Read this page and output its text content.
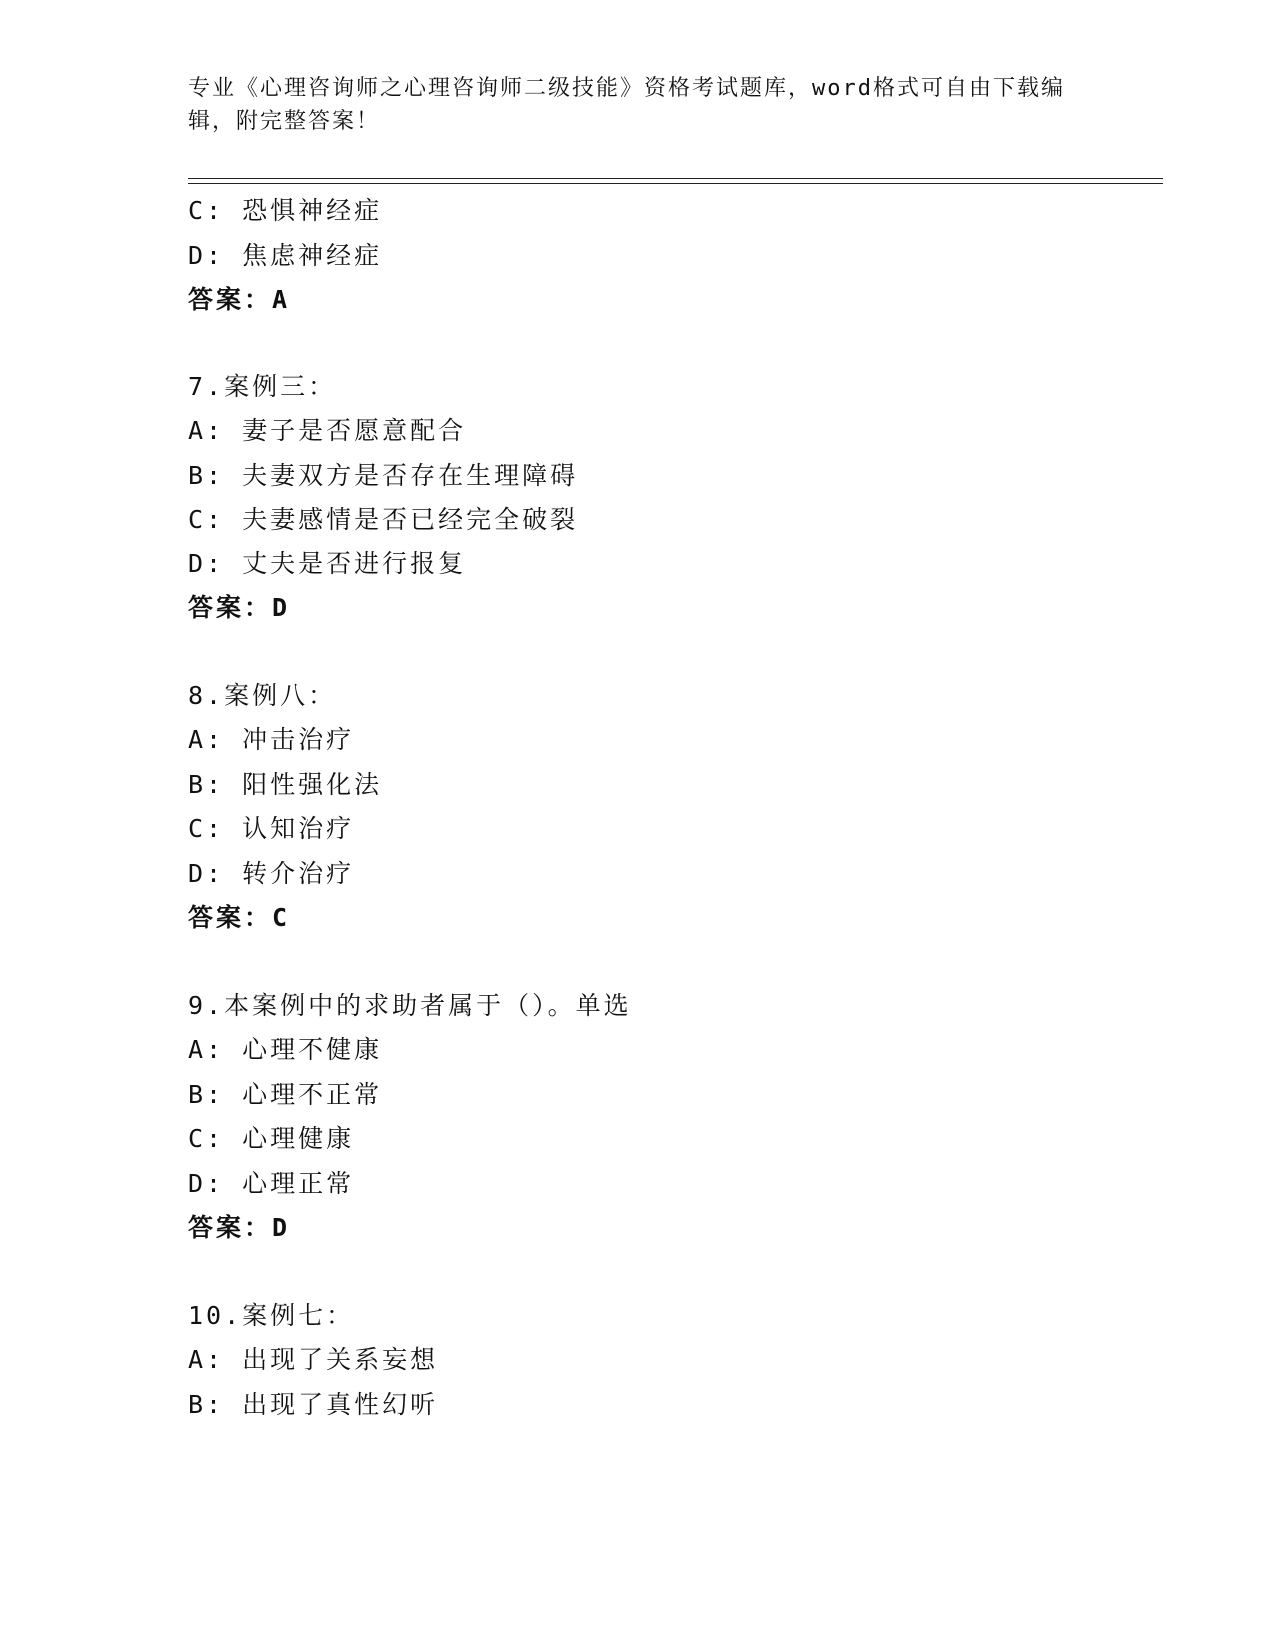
专业《心理咨询师之心理咨询师二级技能》资格考试题库，word格式可自由下载编辑，附完整答案！
C: 恐惧神经症
D: 焦虑神经症
答案：A
7.案例三：
A: 妻子是否愿意配合
B: 夫妻双方是否存在生理障碍
C: 夫妻感情是否已经完全破裂
D: 丈夫是否进行报复
答案：D
8.案例八：
A: 冲击治疗
B: 阳性强化法
C: 认知治疗
D: 转介治疗
答案：C
9.本案例中的求助者属于（）。单选
A: 心理不健康
B: 心理不正常
C: 心理健康
D: 心理正常
答案：D
10.案例七：
A: 出现了关系妄想
B: 出现了真性幻听
